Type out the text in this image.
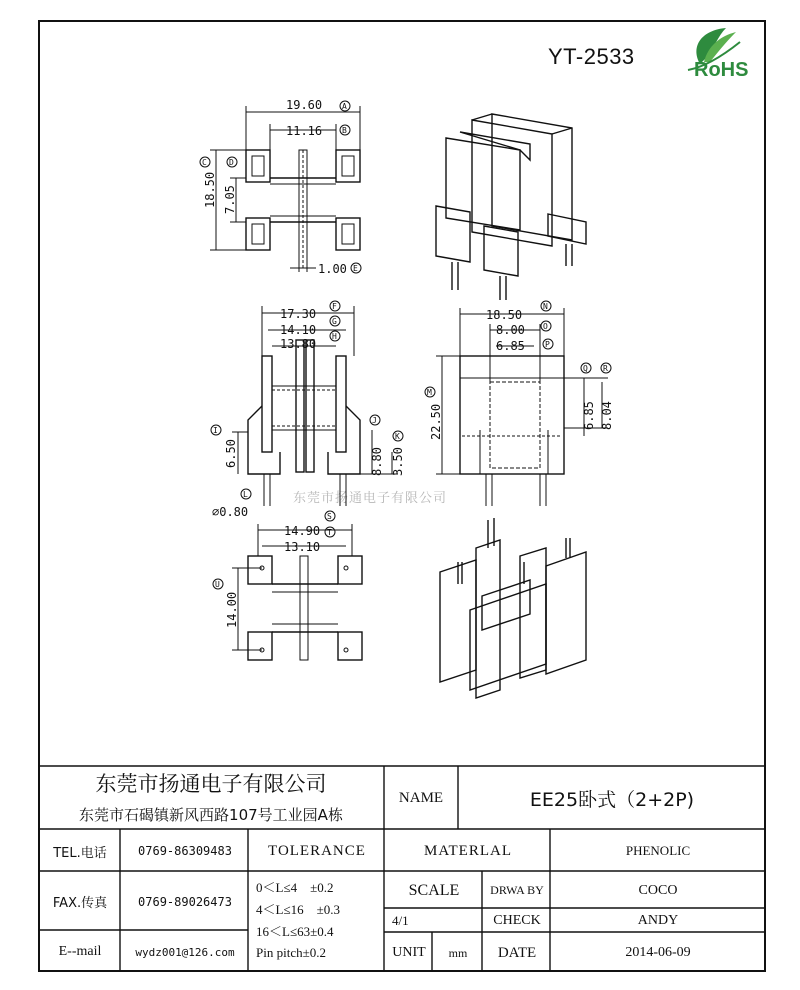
YT-2533
RoHS
东莞市扬通电子有限公司
19.60
11.16
18.50 7.05
1.00
A
B
C	D
E
17.30
14.10
13.80
6.50	8.80 3.50
⌀0.80
F
G
H
I
J
K
L
18.50
8.00
6.85
6.85 8.04
22.50
N
O
P
M
Q R
14.90
13.10
14.00
S
T
U
东莞市扬通电子有限公司
东莞市石碣镇新风西路107号工业园A栋
NAME	EE25卧式（2+2P)
TEL.电话	0769-86309483	TOLERANCE	MATERLAL	PHENOLIC
FAX.传真	0769-89026473
E--mail	wydz001@126.com
0＜L≤4　±0.2
4＜L≤16　±0.3
16＜L≤63±0.4
Pin pitch±0.2
SCALE	DRWA BY	COCO
4/1	CHECK	ANDY
UNIT	mm	DATE	2014-06-09
